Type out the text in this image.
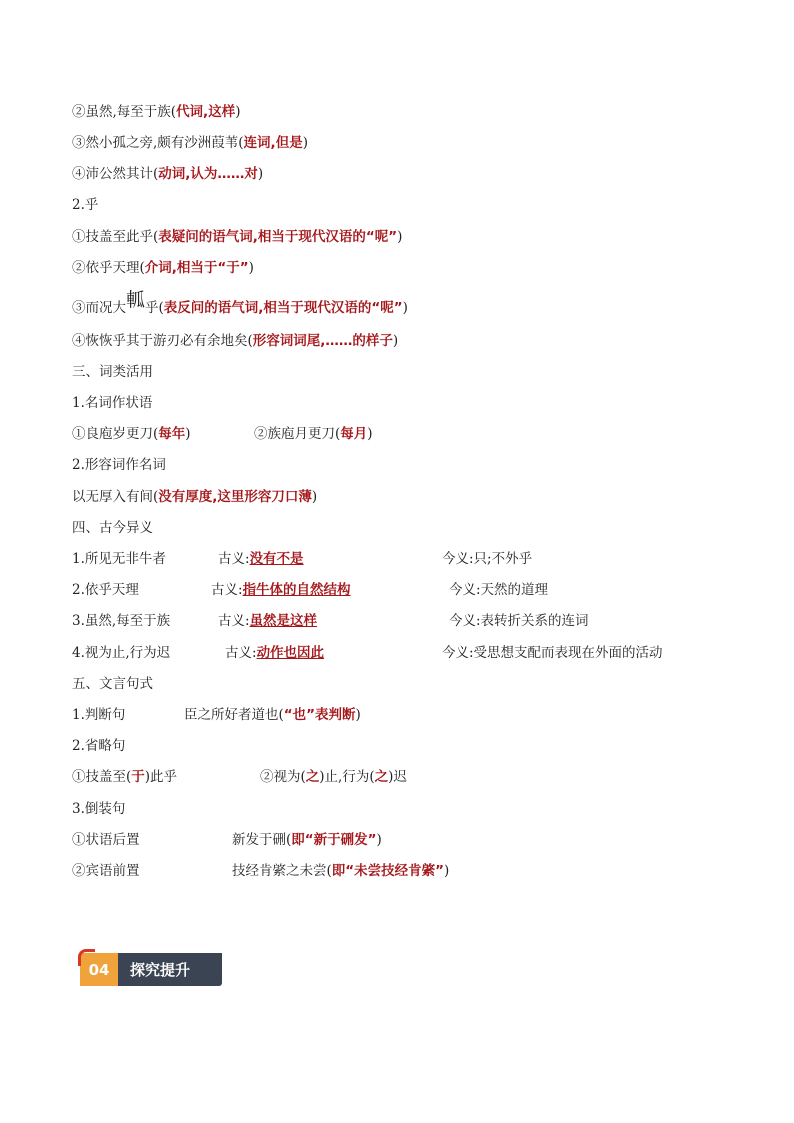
②虽然,每至于族(代词,这样)
③然小孤之旁,颇有沙洲葭苇(连词,但是)
④沛公然其计(动词,认为……对)
2.乎
①技盖至此乎(表疑问的语气词,相当于现代汉语的“呢”)
②依乎天理(介词,相当于“于”)
③而况大軱乎(表反问的语气词,相当于现代汉语的“呢”)
④恢恢乎其于游刃必有余地矣(形容词词尾,……的样子)
三、词类活用
1.名词作状语
①良庖岁更刀(每年)	②族庖月更刀(每月)
2.形容词作名词
以无厚入有间(没有厚度,这里形容刀口薄)
四、古今异义
1.所见无非牛者	古义:没有不是	今义:只;不外乎
2.依乎天理	古义:指牛体的自然结构	今义:天然的道理
3.虽然,每至于族	古义:虽然是这样	今义:表转折关系的连词
4.视为止,行为迟	古义:动作也因此	今义:受思想支配而表现在外面的活动
五、文言句式
1.判断句	臣之所好者道也(“也”表判断)
2.省略句
①技盖至(于)此乎	②视为(之)止,行为(之)迟
3.倒装句
①状语后置	新发于硎(即“新于硎发”)
②宾语前置	技经肯綮之未尝(即“未尝技经肯綮”)
04	探究提升
